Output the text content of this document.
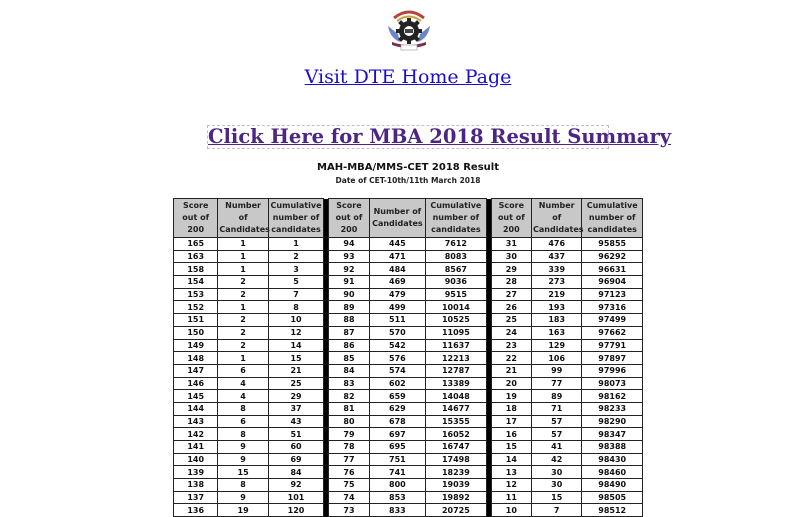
Visit DTE Home Page
Click Here for MBA 2018 Result Summary
MAH-MBA/MMS-CET 2018 Result
Date of CET-10th/11th March 2018
Score out of 200	Number of Candidates	Cumulative number of candidates		Score out of 200	Number of Candidates	Cumulative number of candidates		Score out of 200	Number of Candidates	Cumulative number of candidates
165	1	1		94	445	7612		31	476	95855
163	1	2		93	471	8083		30	437	96292
158	1	3		92	484	8567		29	339	96631
154	2	5		91	469	9036		28	273	96904
153	2	7		90	479	9515		27	219	97123
152	1	8		89	499	10014		26	193	97316
151	2	10		88	511	10525		25	183	97499
150	2	12		87	570	11095		24	163	97662
149	2	14		86	542	11637		23	129	97791
148	1	15		85	576	12213		22	106	97897
147	6	21		84	574	12787		21	99	97996
146	4	25		83	602	13389		20	77	98073
145	4	29		82	659	14048		19	89	98162
144	8	37		81	629	14677		18	71	98233
143	6	43		80	678	15355		17	57	98290
142	8	51		79	697	16052		16	57	98347
141	9	60		78	695	16747		15	41	98388
140	9	69		77	751	17498		14	42	98430
139	15	84		76	741	18239		13	30	98460
138	8	92		75	800	19039		12	30	98490
137	9	101		74	853	19892		11	15	98505
136	19	120		73	833	20725		10	7	98512
